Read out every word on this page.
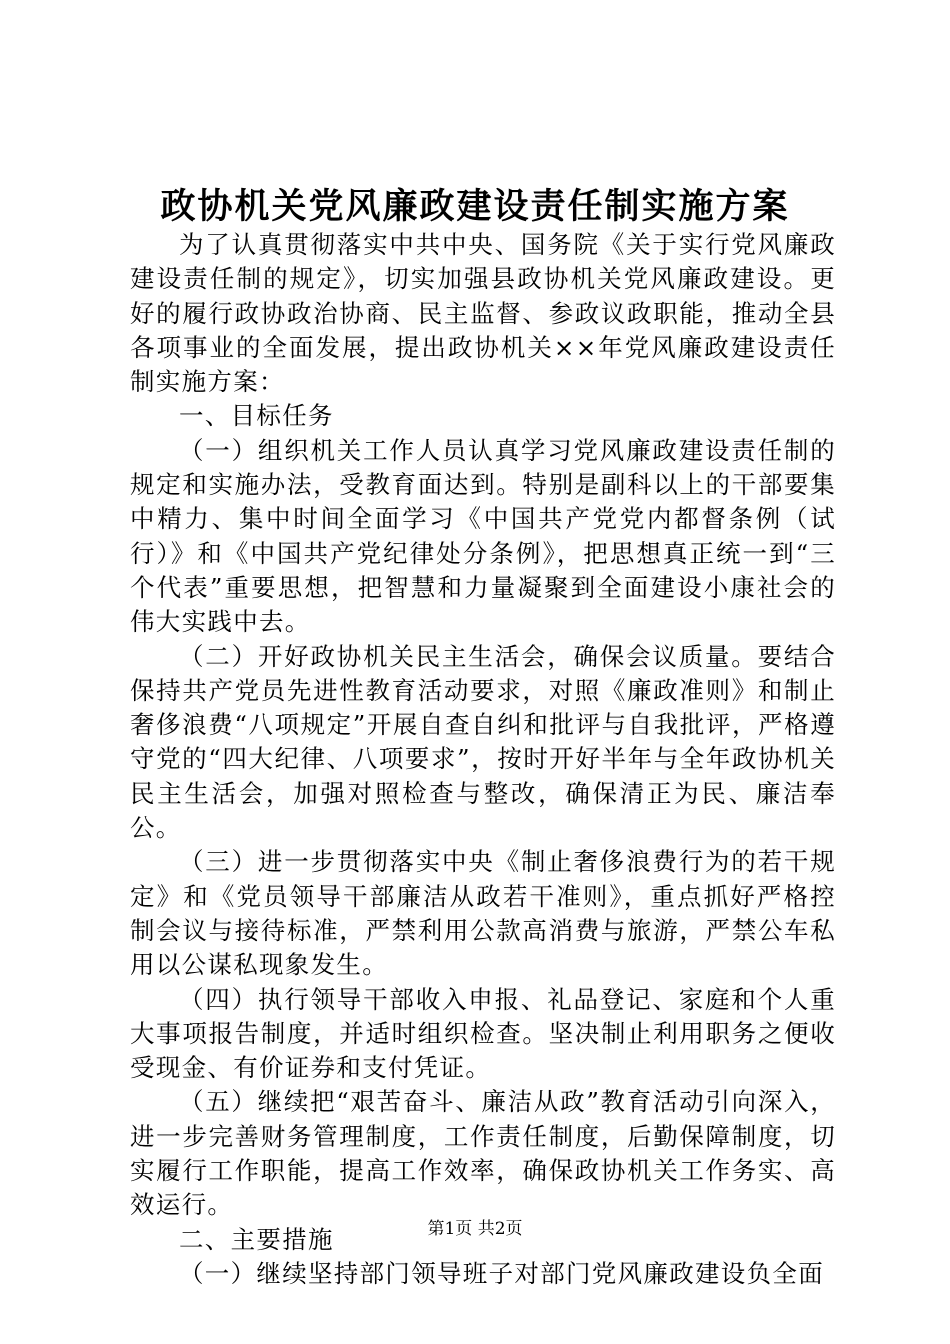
政协机关党风廉政建设责任制实施方案

为了认真贯彻落实中共中央、国务院《关于实行党风廉政建设责任制的规定》，切实加强县政协机关党风廉政建设。更好的履行政协政治协商、民主监督、参政议政职能，推动全县各项事业的全面发展，提出政协机关××年党风廉政建设责任制实施方案：

一、目标任务

（一）组织机关工作人员认真学习党风廉政建设责任制的规定和实施办法，受教育面达到。特别是副科以上的干部要集中精力、集中时间全面学习《中国共产党党内都督条例（试行）》和《中国共产党纪律处分条例》，把思想真正统一到“三个代表”重要思想，把智慧和力量凝聚到全面建设小康社会的伟大实践中去。

（二）开好政协机关民主生活会，确保会议质量。要结合保持共产党员先进性教育活动要求，对照《廉政准则》和制止奢侈浪费“八项规定”开展自查自纠和批评与自我批评，严格遵守党的“四大纪律、八项要求”，按时开好半年与全年政协机关民主生活会，加强对照检查与整改，确保清正为民、廉洁奉公。

（三）进一步贯彻落实中央《制止奢侈浪费行为的若干规定》和《党员领导干部廉洁从政若干准则》，重点抓好严格控制会议与接待标准，严禁利用公款高消费与旅游，严禁公车私用以公谋私现象发生。

（四）执行领导干部收入申报、礼品登记、家庭和个人重大事项报告制度，并适时组织检查。坚决制止利用职务之便收受现金、有价证券和支付凭证。

（五）继续把“艰苦奋斗、廉洁从政”教育活动引向深入，进一步完善财务管理制度，工作责任制度，后勤保障制度，切实履行工作职能，提高工作效率，确保政协机关工作务实、高效运行。

二、主要措施

（一）继续坚持部门领导班子对部门党风廉政建设负全面

第1页 共2页
